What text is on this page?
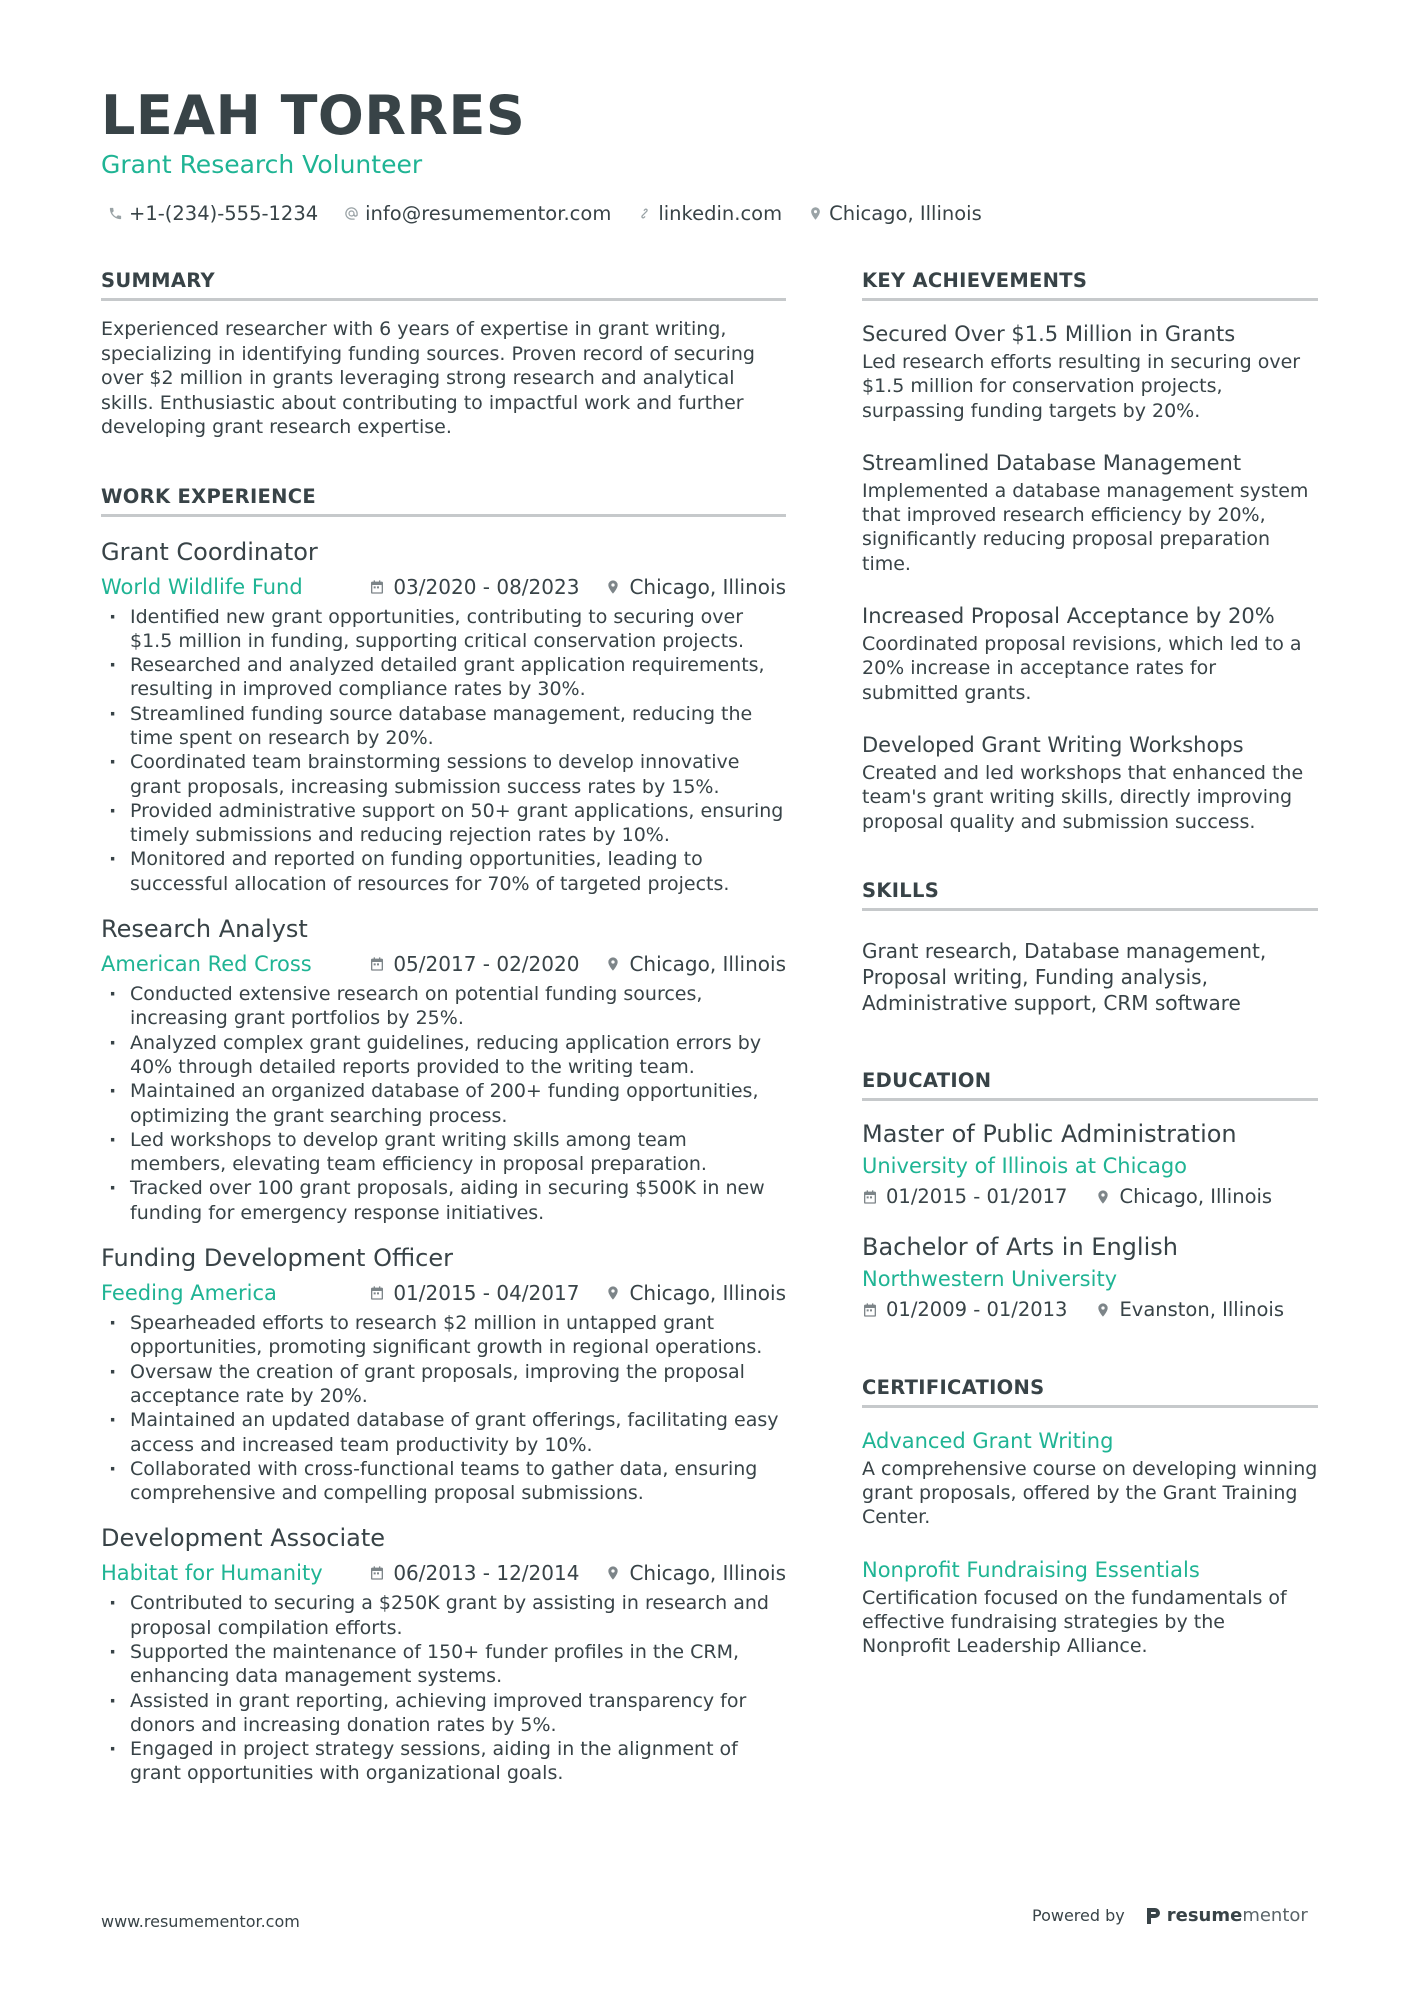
LEAH TORRES
Grant Research Volunteer
+1-(234)-555-1234 info@resumementor.com linkedin.com Chicago, Illinois
SUMMARY
Experienced researcher with 6 years of expertise in grant writing, specializing in identifying funding sources. Proven record of securing over $2 million in grants leveraging strong research and analytical skills. Enthusiastic about contributing to impactful work and further developing grant research expertise.
WORK EXPERIENCE
Grant Coordinator
World Wildlife Fund	03/2020 - 08/2023	Chicago, Illinois
· Identified new grant opportunities, contributing to securing over $1.5 million in funding, supporting critical conservation projects.
· Researched and analyzed detailed grant application requirements, resulting in improved compliance rates by 30%.
· Streamlined funding source database management, reducing the time spent on research by 20%.
· Coordinated team brainstorming sessions to develop innovative grant proposals, increasing submission success rates by 15%.
· Provided administrative support on 50+ grant applications, ensuring timely submissions and reducing rejection rates by 10%.
· Monitored and reported on funding opportunities, leading to successful allocation of resources for 70% of targeted projects.
Research Analyst
American Red Cross	05/2017 - 02/2020	Chicago, Illinois
· Conducted extensive research on potential funding sources, increasing grant portfolios by 25%.
· Analyzed complex grant guidelines, reducing application errors by 40% through detailed reports provided to the writing team.
· Maintained an organized database of 200+ funding opportunities, optimizing the grant searching process.
· Led workshops to develop grant writing skills among team members, elevating team efficiency in proposal preparation.
· Tracked over 100 grant proposals, aiding in securing $500K in new funding for emergency response initiatives.
Funding Development Officer
Feeding America	01/2015 - 04/2017	Chicago, Illinois
· Spearheaded efforts to research $2 million in untapped grant opportunities, promoting significant growth in regional operations.
· Oversaw the creation of grant proposals, improving the proposal acceptance rate by 20%.
· Maintained an updated database of grant offerings, facilitating easy access and increased team productivity by 10%.
· Collaborated with cross-functional teams to gather data, ensuring comprehensive and compelling proposal submissions.
Development Associate
Habitat for Humanity	06/2013 - 12/2014	Chicago, Illinois
· Contributed to securing a $250K grant by assisting in research and proposal compilation efforts.
· Supported the maintenance of 150+ funder profiles in the CRM, enhancing data management systems.
· Assisted in grant reporting, achieving improved transparency for donors and increasing donation rates by 5%.
· Engaged in project strategy sessions, aiding in the alignment of grant opportunities with organizational goals.
KEY ACHIEVEMENTS
Secured Over $1.5 Million in Grants
Led research efforts resulting in securing over $1.5 million for conservation projects, surpassing funding targets by 20%.
Streamlined Database Management
Implemented a database management system that improved research efficiency by 20%, significantly reducing proposal preparation time.
Increased Proposal Acceptance by 20%
Coordinated proposal revisions, which led to a 20% increase in acceptance rates for submitted grants.
Developed Grant Writing Workshops
Created and led workshops that enhanced the team's grant writing skills, directly improving proposal quality and submission success.
SKILLS
Grant research, Database management, Proposal writing, Funding analysis, Administrative support, CRM software
EDUCATION
Master of Public Administration
University of Illinois at Chicago
01/2015 - 01/2017	Chicago, Illinois
Bachelor of Arts in English
Northwestern University
01/2009 - 01/2013	Evanston, Illinois
CERTIFICATIONS
Advanced Grant Writing
A comprehensive course on developing winning grant proposals, offered by the Grant Training Center.
Nonprofit Fundraising Essentials
Certification focused on the fundamentals of effective fundraising strategies by the Nonprofit Leadership Alliance.
www.resumementor.com	Powered by resumementor
